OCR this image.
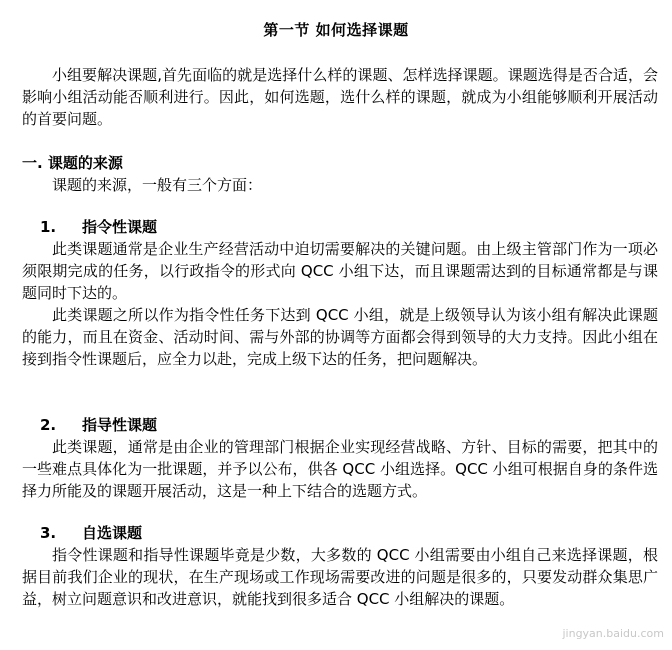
第一节 如何选择课题

小组要解决课题,首先面临的就是选择什么样的课题、怎样选择课题。课题选得是否合适，会影响小组活动能否顺利进行。因此，如何选题，选什么样的课题，就成为小组能够顺利开展活动的首要问题。

一. 课题的来源
课题的来源，一般有三个方面：
1. 指令性课题

此类课题通常是企业生产经营活动中迫切需要解决的关键问题。由上级主管部门作为一项必须限期完成的任务，以行政指令的形式向 QCC 小组下达，而且课题需达到的目标通常都是与课题同时下达的。

此类课题之所以作为指令性任务下达到 QCC 小组，就是上级领导认为该小组有解决此课题的能力，而且在资金、活动时间、需与外部的协调等方面都会得到领导的大力支持。因此小组在接到指令性课题后，应全力以赴，完成上级下达的任务，把问题解决。

2. 指导性课题

此类课题，通常是由企业的管理部门根据企业实现经营战略、方针、目标的需要，把其中的一些难点具体化为一批课题，并予以公布，供各 QCC 小组选择。QCC 小组可根据自身的条件选择力所能及的课题开展活动，这是一种上下结合的选题方式。

3. 自选课题

指令性课题和指导性课题毕竟是少数，大多数的 QCC 小组需要由小组自己来选择课题，根据目前我们企业的现状，在生产现场或工作现场需要改进的问题是很多的，只要发动群众集思广益，树立问题意识和改进意识，就能找到很多适合 QCC 小组解决的课题。

jingyan.baidu.com
